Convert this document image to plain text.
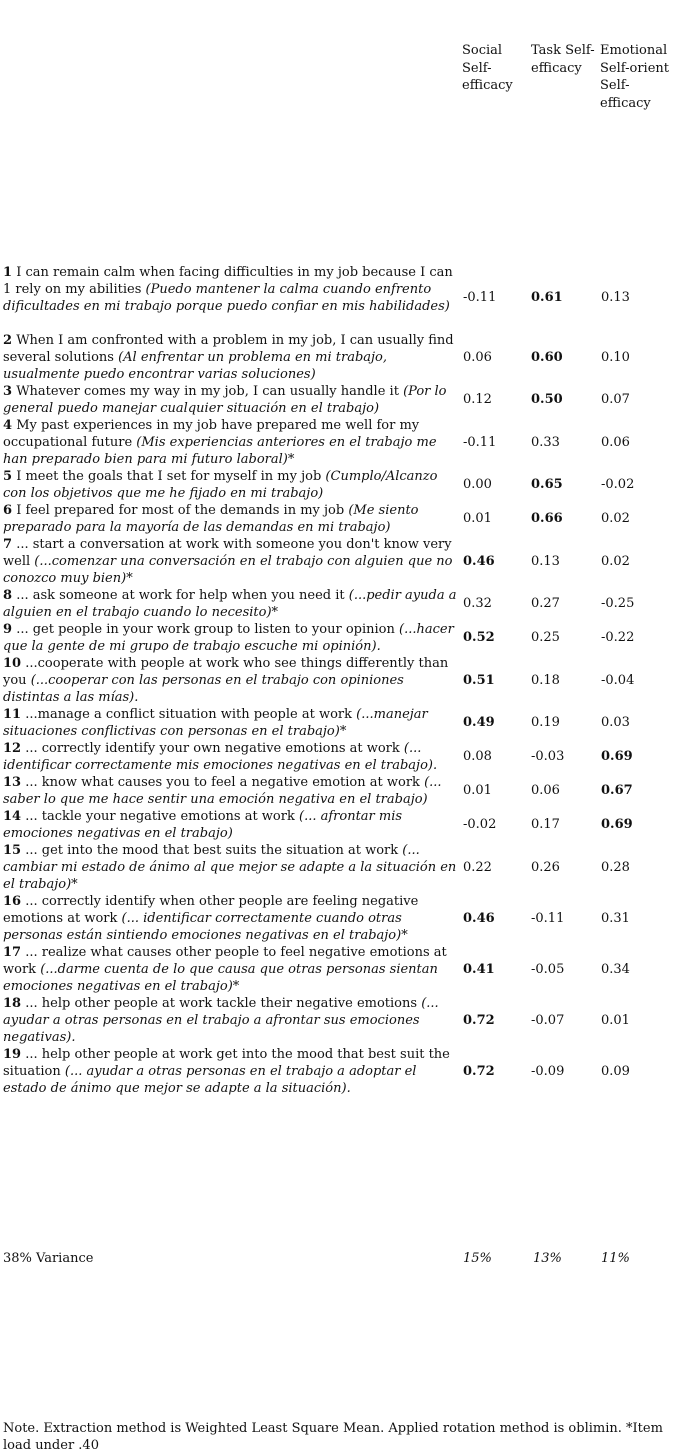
Social Self-efficacy
Task Self-efficacy
Emotional Self-orient Self-efficacy
1 I can remain calm when facing difficulties in my job because I can 1 rely on my abilities (Puedo mantener la calma cuando enfrento dificultades en mi trabajo porque puedo confiar en mis habilidades)
-0.11	0.61	0.13
2 When I am confronted with a problem in my job, I can usually find several solutions (Al enfrentar un problema en mi trabajo, usualmente puedo encontrar varias soluciones)
0.06	0.60	0.10
3 Whatever comes my way in my job, I can usually handle it (Por lo general puedo manejar cualquier situación en el trabajo)
0.12	0.50	0.07
4 My past experiences in my job have prepared me well for my occupational future (Mis experiencias anteriores en el trabajo me han preparado bien para mi futuro laboral)*
-0.11	0.33	0.06
5 I meet the goals that I set for myself in my job (Cumplo/Alcanzo con los objetivos que me he fijado en mi trabajo)
0.00	0.65	-0.02
6 I feel prepared for most of the demands in my job (Me siento preparado para la mayoría de las demandas en mi trabajo)
0.01	0.66	0.02
7 ... start a conversation at work with someone you don't know very well (...comenzar una conversación en el trabajo con alguien que no conozco muy bien)*
0.46	0.13	0.02
8 ... ask someone at work for help when you need it (...pedir ayuda a alguien en el trabajo cuando lo necesito)*
0.32	0.27	-0.25
9 ... get people in your work group to listen to your opinion (...hacer que la gente de mi grupo de trabajo escuche mi opinión).
0.52	0.25	-0.22
10 ...cooperate with people at work who see things differently than you (...cooperar con las personas en el trabajo con opiniones distintas a las mías).
0.51	0.18	-0.04
11 ...manage a conflict situation with people at work (...manejar situaciones conflictivas con personas en el trabajo)*
0.49	0.19	0.03
12 ... correctly identify your own negative emotions at work (... identificar correctamente mis emociones negativas en el trabajo).
0.08	-0.03	0.69
13 ... know what causes you to feel a negative emotion at work (... saber lo que me hace sentir una emoción negativa en el trabajo)
0.01	0.06	0.67
14 ... tackle your negative emotions at work (... afrontar mis emociones negativas en el trabajo)
-0.02	0.17	0.69
15 ... get into the mood that best suits the situation at work (... cambiar mi estado de ánimo al que mejor se adapte a la situación en el trabajo)*
0.22	0.26	0.28
16 ... correctly identify when other people are feeling negative emotions at work (... identificar correctamente cuando otras personas están sintiendo emociones negativas en el trabajo)*
0.46	-0.11	0.31
17 ... realize what causes other people to feel negative emotions at work (...darme cuenta de lo que causa que otras personas sientan emociones negativas en el trabajo)*
0.41	-0.05	0.34
18 ... help other people at work tackle their negative emotions (... ayudar a otras personas en el trabajo a afrontar sus emociones negativas).
0.72	-0.07	0.01
19 ... help other people at work get into the mood that best suit the situation (... ayudar a otras personas en el trabajo a adoptar el estado de ánimo que mejor se adapte a la situación).
0.72	-0.09	0.09
38% Variance	15%	13%	11%
Note. Extraction method is Weighted Least Square Mean. Applied rotation method is oblimin. *Item load under .40
